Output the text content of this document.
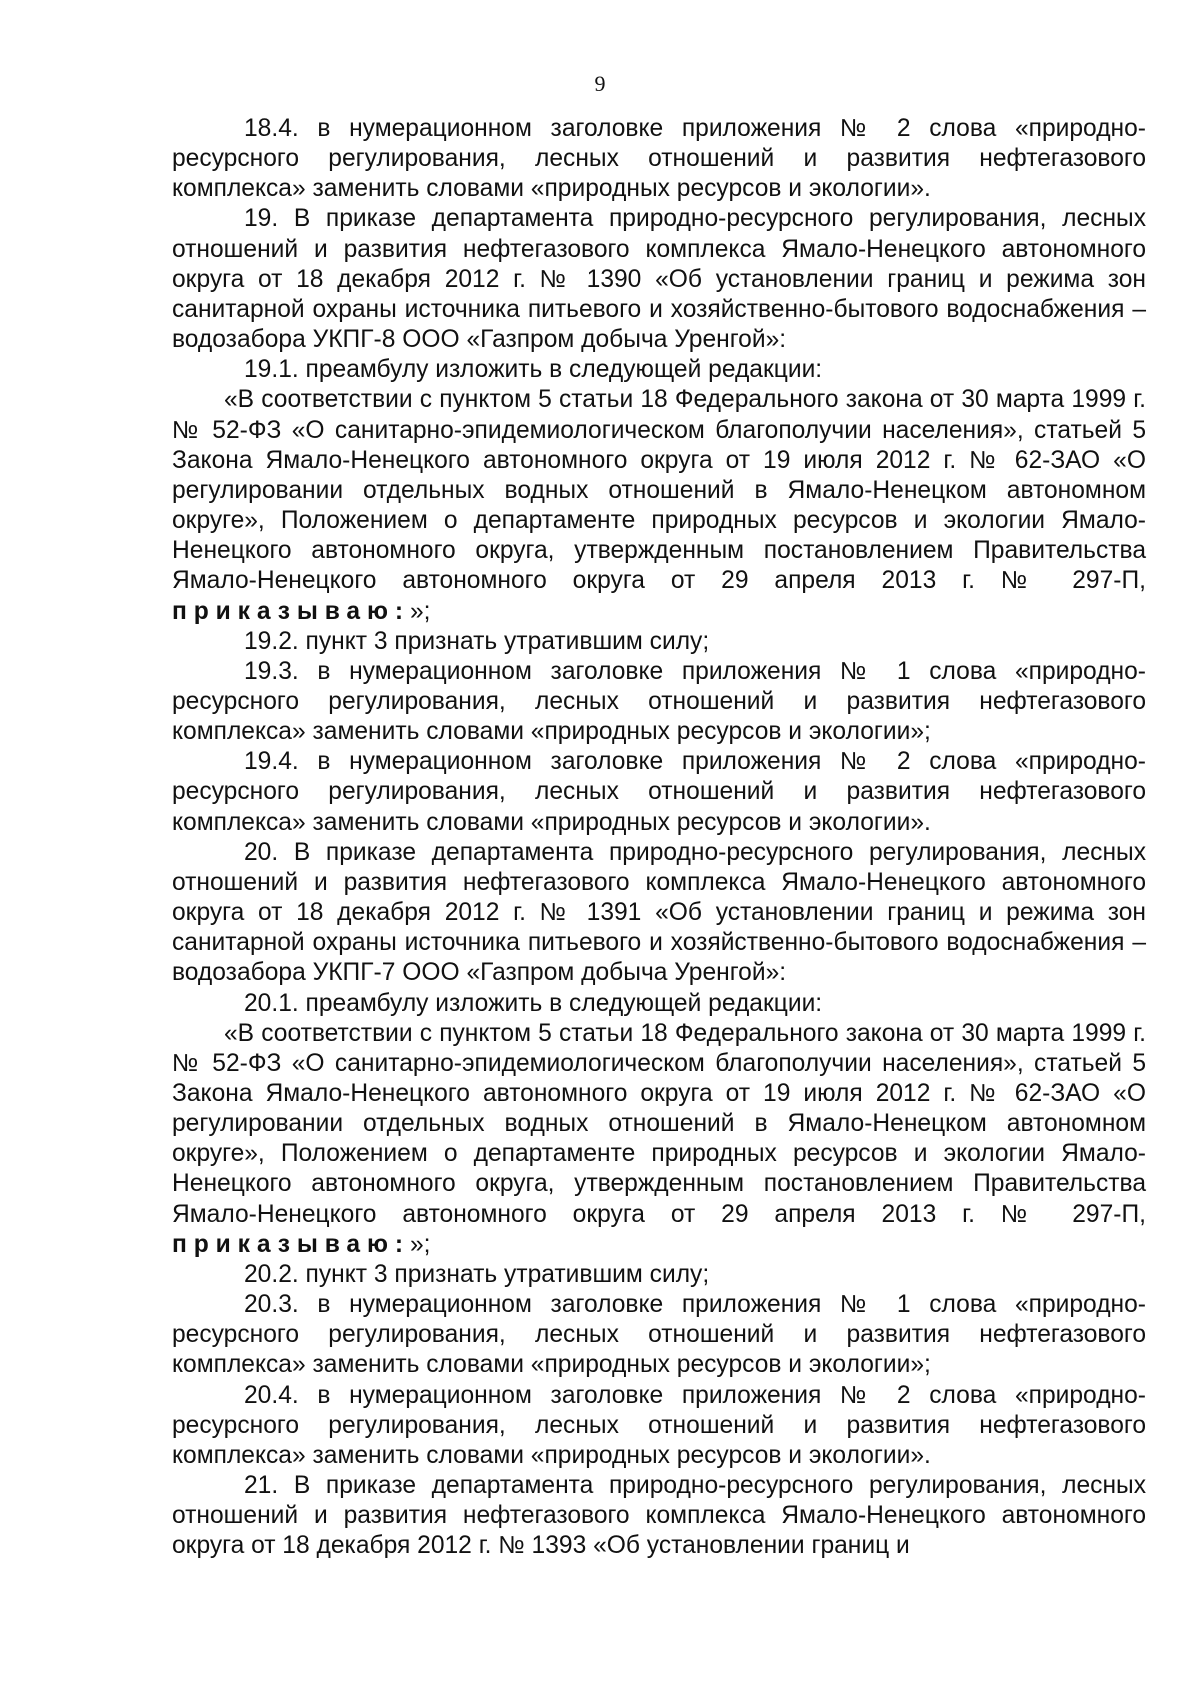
9

18.4. в нумерационном заголовке приложения № 2 слова «природно-ресурсного регулирования, лесных отношений и развития нефтегазового комплекса» заменить словами «природных ресурсов и экологии».

19. В приказе департамента природно-ресурсного регулирования, лесных отношений и развития нефтегазового комплекса Ямало-Ненецкого автономного округа от 18 декабря 2012 г. № 1390 «Об установлении границ и режима зон санитарной охраны источника питьевого и хозяйственно-бытового водоснабжения – водозабора УКПГ-8 ООО «Газпром добыча Уренгой»:

19.1. преамбулу изложить в следующей редакции:

«В соответствии с пунктом 5 статьи 18 Федерального закона от 30 марта 1999 г. № 52-ФЗ «О санитарно-эпидемиологическом благополучии населения», статьей 5 Закона Ямало-Ненецкого автономного округа от 19 июля 2012 г. № 62-ЗАО «О регулировании отдельных водных отношений в Ямало-Ненецком автономном округе», Положением о департаменте природных ресурсов и экологии Ямало-Ненецкого автономного округа, утвержденным постановлением Правительства Ямало-Ненецкого автономного округа от 29 апреля 2013 г. № 297-П, приказываю:»;

19.2. пункт 3 признать утратившим силу;

19.3. в нумерационном заголовке приложения № 1 слова «природно-ресурсного регулирования, лесных отношений и развития нефтегазового комплекса» заменить словами «природных ресурсов и экологии»;

19.4. в нумерационном заголовке приложения № 2 слова «природно-ресурсного регулирования, лесных отношений и развития нефтегазового комплекса» заменить словами «природных ресурсов и экологии».

20. В приказе департамента природно-ресурсного регулирования, лесных отношений и развития нефтегазового комплекса Ямало-Ненецкого автономного округа от 18 декабря 2012 г. № 1391 «Об установлении границ и режима зон санитарной охраны источника питьевого и хозяйственно-бытового водоснабжения – водозабора УКПГ-7 ООО «Газпром добыча Уренгой»:

20.1. преамбулу изложить в следующей редакции:

«В соответствии с пунктом 5 статьи 18 Федерального закона от 30 марта 1999 г. № 52-ФЗ «О санитарно-эпидемиологическом благополучии населения», статьей 5 Закона Ямало-Ненецкого автономного округа от 19 июля 2012 г. № 62-ЗАО «О регулировании отдельных водных отношений в Ямало-Ненецком автономном округе», Положением о департаменте природных ресурсов и экологии Ямало-Ненецкого автономного округа, утвержденным постановлением Правительства Ямало-Ненецкого автономного округа от 29 апреля 2013 г. № 297-П, приказываю:»;

20.2. пункт 3 признать утратившим силу;

20.3. в нумерационном заголовке приложения № 1 слова «природно-ресурсного регулирования, лесных отношений и развития нефтегазового комплекса» заменить словами «природных ресурсов и экологии»;

20.4. в нумерационном заголовке приложения № 2 слова «природно-ресурсного регулирования, лесных отношений и развития нефтегазового комплекса» заменить словами «природных ресурсов и экологии».

21. В приказе департамента природно-ресурсного регулирования, лесных отношений и развития нефтегазового комплекса Ямало-Ненецкого автономного округа от 18 декабря 2012 г. № 1393 «Об установлении границ и
